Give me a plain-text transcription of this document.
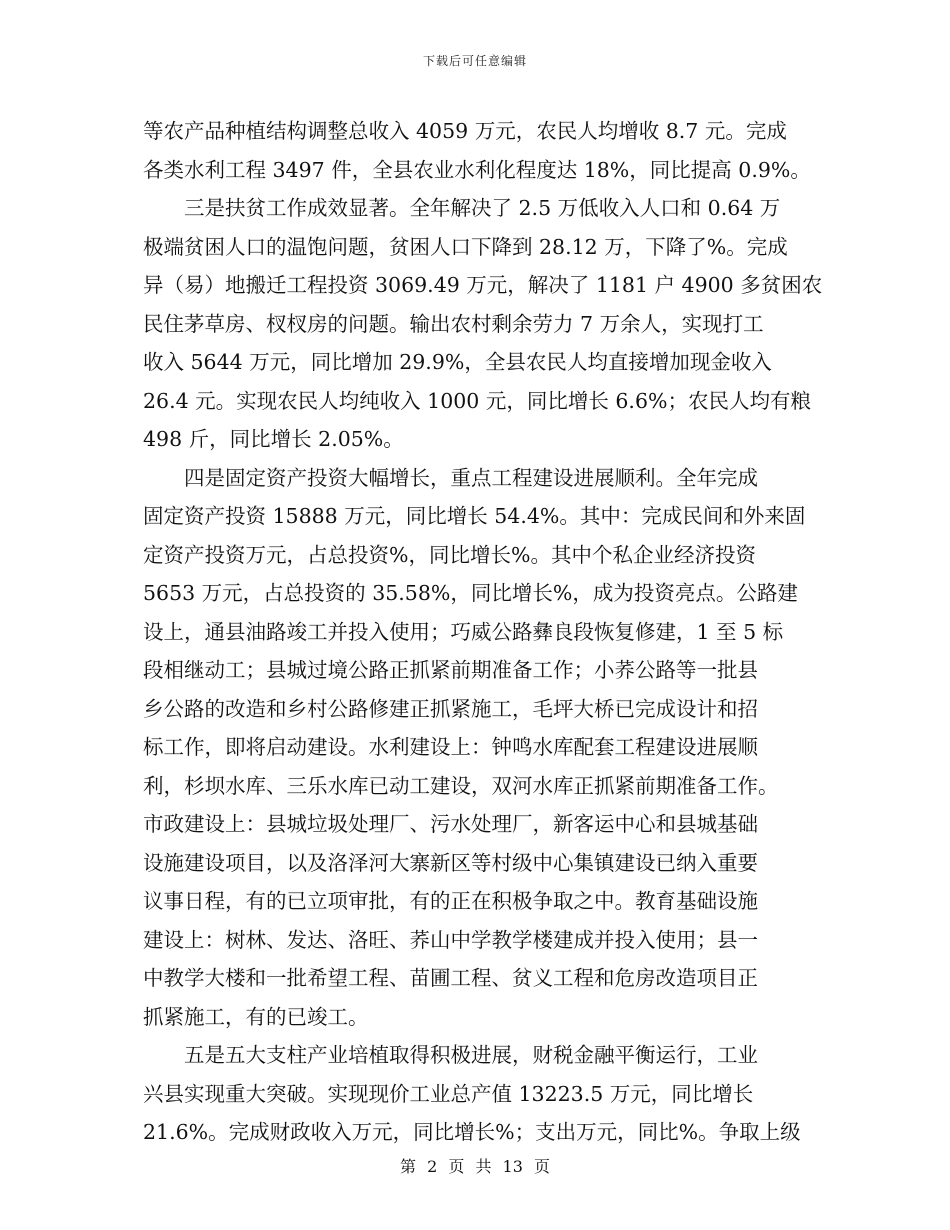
下载后可任意编辑
等农产品种植结构调整总收入 4059 万元，农民人均增收 8.7 元。完成
各类水利工程 3497 件，全县农业水利化程度达 18%，同比提高 0.9%。
　　三是扶贫工作成效显著。全年解决了 2.5 万低收入人口和 0.64 万
极端贫困人口的温饱问题，贫困人口下降到 28.12 万，下降了%。完成
异（易）地搬迁工程投资 3069.49 万元，解决了 1181 户 4900 多贫困农
民住茅草房、杈杈房的问题。输出农村剩余劳力 7 万余人，实现打工
收入 5644 万元，同比增加 29.9%，全县农民人均直接增加现金收入
26.4 元。实现农民人均纯收入 1000 元，同比增长 6.6%；农民人均有粮
498 斤，同比增长 2.05%。
　　四是固定资产投资大幅增长，重点工程建设进展顺利。全年完成
固定资产投资 15888 万元，同比增长 54.4%。其中：完成民间和外来固
定资产投资万元，占总投资%，同比增长%。其中个私企业经济投资
5653 万元，占总投资的 35.58%，同比增长%，成为投资亮点。公路建
设上，通县油路竣工并投入使用；巧威公路彝良段恢复修建，1 至 5 标
段相继动工；县城过境公路正抓紧前期准备工作；小荞公路等一批县
乡公路的改造和乡村公路修建正抓紧施工，毛坪大桥已完成设计和招
标工作，即将启动建设。水利建设上：钟鸣水库配套工程建设进展顺
利，杉坝水库、三乐水库已动工建设，双河水库正抓紧前期准备工作。
市政建设上：县城垃圾处理厂、污水处理厂，新客运中心和县城基础
设施建设项目，以及洛泽河大寨新区等村级中心集镇建设已纳入重要
议事日程，有的已立项审批，有的正在积极争取之中。教育基础设施
建设上：树林、发达、洛旺、荞山中学教学楼建成并投入使用；县一
中教学大楼和一批希望工程、苗圃工程、贫义工程和危房改造项目正
抓紧施工，有的已竣工。
　　五是五大支柱产业培植取得积极进展，财税金融平衡运行，工业
兴县实现重大突破。实现现价工业总产值 13223.5 万元，同比增长
21.6%。完成财政收入万元，同比增长%；支出万元，同比%。争取上级
第 2 页 共 13 页
